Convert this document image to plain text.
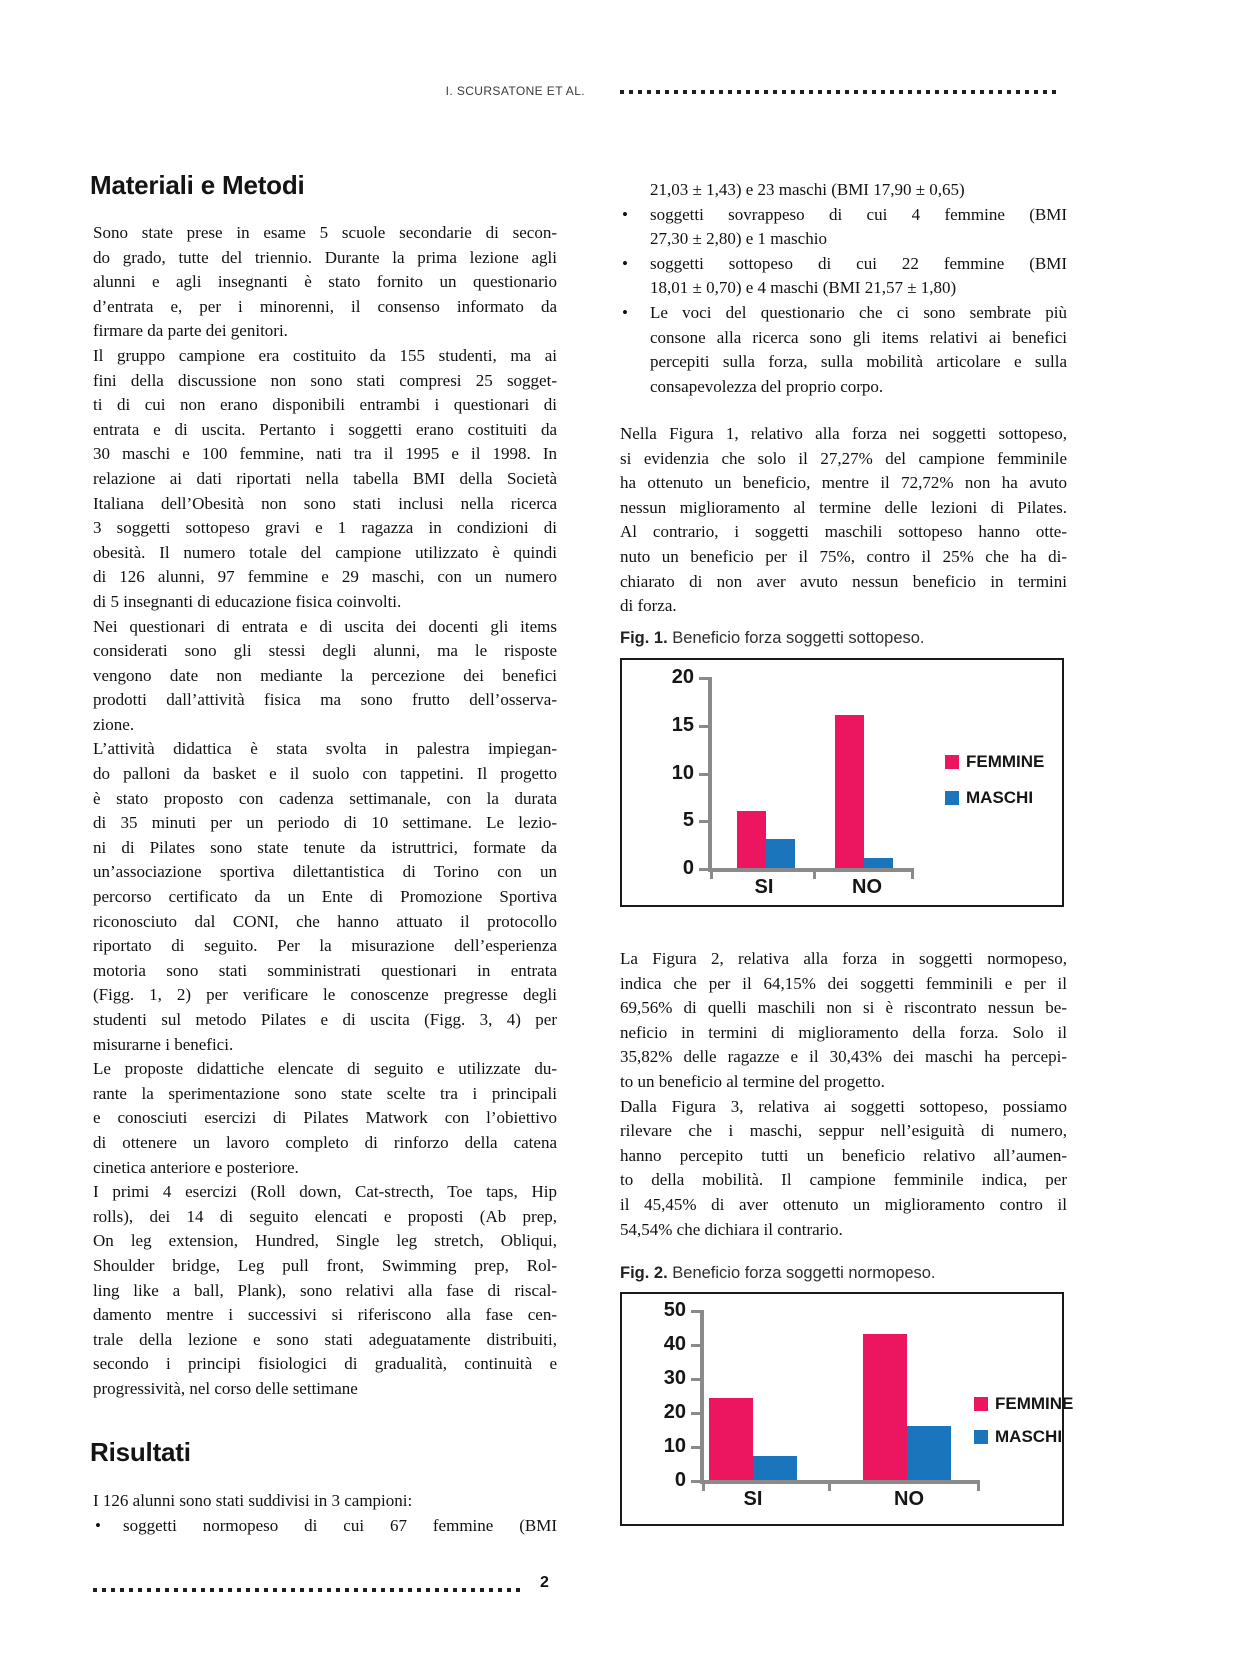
I. SCURSATONE ET AL.
Materiali e Metodi
Sono state prese in esame 5 scuole secondarie di secon-
do grado, tutte del triennio. Durante la prima lezione agli
alunni e agli insegnanti è stato fornito un questionario
d’entrata e, per i minorenni, il consenso informato da
firmare da parte dei genitori.
Il gruppo campione era costituito da 155 studenti, ma ai
fini della discussione non sono stati compresi 25 sogget-
ti di cui non erano disponibili entrambi i questionari di
entrata e di uscita. Pertanto i soggetti erano costituiti da
30 maschi e 100 femmine, nati tra il 1995 e il 1998. In
relazione ai dati riportati nella tabella BMI della Società
Italiana dell’Obesità non sono stati inclusi nella ricerca
3 soggetti sottopeso gravi e 1 ragazza in condizioni di
obesità. Il numero totale del campione utilizzato è quindi
di 126 alunni, 97 femmine e 29 maschi, con un numero
di 5 insegnanti di educazione fisica coinvolti.
Nei questionari di entrata e di uscita dei docenti gli items
considerati sono gli stessi degli alunni, ma le risposte
vengono date non mediante la percezione dei benefici
prodotti dall’attività fisica ma sono frutto dell’osserva-
zione.
L’attività didattica è stata svolta in palestra impiegan-
do palloni da basket e il suolo con tappetini. Il progetto
è stato proposto con cadenza settimanale, con la durata
di 35 minuti per un periodo di 10 settimane. Le lezio-
ni di Pilates sono state tenute da istruttrici, formate da
un’associazione sportiva dilettantistica di Torino con un
percorso certificato da un Ente di Promozione Sportiva
riconosciuto dal CONI, che hanno attuato il protocollo
riportato di seguito. Per la misurazione dell’esperienza
motoria sono stati somministrati questionari in entrata
(Figg. 1, 2) per verificare le conoscenze pregresse degli
studenti sul metodo Pilates e di uscita (Figg. 3, 4) per
misurarne i benefici.
Le proposte didattiche elencate di seguito e utilizzate du-
rante la sperimentazione sono state scelte tra i principali
e conosciuti esercizi di Pilates Matwork con l’obiettivo
di ottenere un lavoro completo di rinforzo della catena
cinetica anteriore e posteriore.
I primi 4 esercizi (Roll down, Cat-strecth, Toe taps, Hip
rolls), dei 14 di seguito elencati e proposti (Ab prep,
On leg extension, Hundred, Single leg stretch, Obliqui,
Shoulder bridge, Leg pull front, Swimming prep, Rol-
ling like a ball, Plank), sono relativi alla fase di riscal-
damento mentre i successivi si riferiscono alla fase cen-
trale della lezione e sono stati adeguatamente distribuiti,
secondo i principi fisiologici di gradualità, continuità e
progressività, nel corso delle settimane
Risultati
I 126 alunni sono stati suddivisi in 3 campioni:
• soggetti normopeso di cui 67 femmine (BMI
21,03 ± 1,43) e 23 maschi (BMI 17,90 ± 0,65)
• soggetti sovrappeso di cui 4 femmine (BMI
27,30 ± 2,80) e 1 maschio
• soggetti sottopeso di cui 22 femmine (BMI
18,01 ± 0,70) e 4 maschi (BMI 21,57 ± 1,80)
• Le voci del questionario che ci sono sembrate più
consone alla ricerca sono gli items relativi ai benefici
percepiti sulla forza, sulla mobilità articolare e sulla
consapevolezza del proprio corpo.
Nella Figura 1, relativo alla forza nei soggetti sottopeso,
si evidenzia che solo il 27,27% del campione femminile
ha ottenuto un beneficio, mentre il 72,72% non ha avuto
nessun miglioramento al termine delle lezioni di Pilates.
Al contrario, i soggetti maschili sottopeso hanno otte-
nuto un beneficio per il 75%, contro il 25% che ha di-
chiarato di non aver avuto nessun beneficio in termini
di forza.
Fig. 1. Beneficio forza soggetti sottopeso.
0
5
10
15
20
SI	NO
FEMMINE
MASCHI
La Figura 2, relativa alla forza in soggetti normopeso,
indica che per il 64,15% dei soggetti femminili e per il
69,56% di quelli maschili non si è riscontrato nessun be-
neficio in termini di miglioramento della forza. Solo il
35,82% delle ragazze e il 30,43% dei maschi ha percepi-
to un beneficio al termine del progetto.
Dalla Figura 3, relativa ai soggetti sottopeso, possiamo
rilevare che i maschi, seppur nell’esiguità di numero,
hanno percepito tutti un beneficio relativo all’aumen-
to della mobilità. Il campione femminile indica, per
il 45,45% di aver ottenuto un miglioramento contro il
54,54% che dichiara il contrario.
Fig. 2. Beneficio forza soggetti normopeso.
0
10
20
30
40
50
SI	NO
FEMMINE
MASCHI
2
